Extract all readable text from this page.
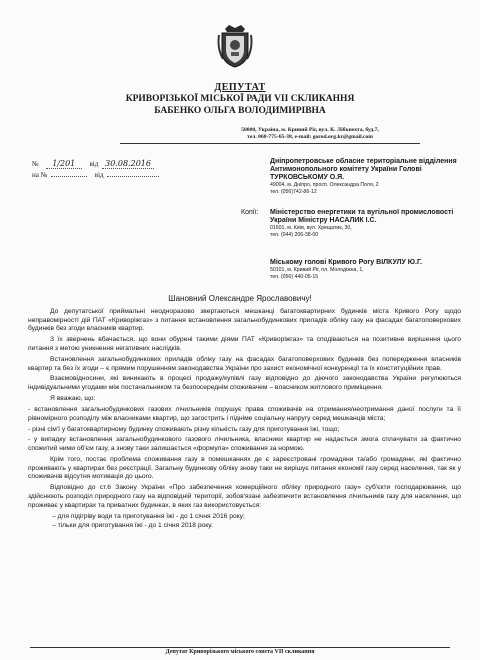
ДЕПУТАТ
КРИВОРІЗЬКОЇ МІСЬКОЇ РАДИ VII СКЛИКАННЯ
БАБЕНКО ОЛЬГА ВОЛОДИМИРІВНА
50000, Україна, м. Кривий Ріг, вул. К. Лібкнехта, буд.7,
тел. 068-775-65-38, e-mail: gorod.org.kr@gmail.com
№ 1/201 від 30.08.2016
на №	від
Дніпропетровське обласне територіальне відділення Антимонопольного комітету України Голові ТУРКОВСЬКОМУ О.Я.
49004, м. Дніпро, просп. Олександра Поля, 2
тел. (056)742-86-12
Копії: Міністерство енергетики та вугільної промисловості України Міністру НАСАЛИК І.С.
01601, м. Київ, вул. Хрещатик, 30,
тел. (044) 206-38-00
Міському голові Кривого Рогу ВІЛКУЛУ Ю.Г.
50101, м. Кривий Ріг, пл. Молодіжна, 1,
тел. (056) 440-05-15
Шановний Олександре Ярославовичу!

До депутатської приймальні неодноразово звертаються мешканці багатоквартирних будинків міста Кривого Рогу щодо неправомірності дій ПАТ «Криворіжгаз» з питання встановлення загальнобудинкових приладів обліку газу на фасадах багатоповерхових будинків без згоди власників квартир.

З їх звернень вбачається, що вони обурені такими діями ПАТ «Криворіжгаз» та сподіваються на позитивне вирішення цього питання з метою уникнення негативних наслідків.

Встановлення загальнобудинкових приладів обліку газу на фасадах багатоповерхових будинків без попередження власників квартир та без їх згоди – є прямим порушенням законодавства України про захист економічної конкуренції та їх конституційних прав.

Взаємовідносини, які виникають в процесі продажу/купівлі газу відповідно до діючого законодавства України регулюються індивідуальними угодами між постачальником та безпосереднім споживачем – власником житлового приміщення.

Я вважаю, що:

- встановлення загальнобудинкових газових лічильників порушує права споживачів на отримання/неотримання даної послуги та її рівномірного розподілу між власниками квартир, що загострить і підніме соціальну напругу серед мешканців міста;

- різні сім'ї у багатоквартирному будинку споживають різну кількість газу для приготування їжі, тощо;

- у випадку встановлення загальнобудинкового газового лічильника, власники квартир не надається змога сплачувати за фактично спожитий ними об'єм газу, а знову таки залишається «формула» споживання за нормою.

Крім того, постає проблема споживання газу в помешканнях де є зареєстровані громадяни та/або громадяни, які фактично проживають у квартирах без реєстрації. Загальну будинкову обліку знову таки не вирішує питання економії газу серед населення, так як у споживачів відсутня мотивація до цього.

Відповідно до ст.6 Закону України «Про забезпечення комерційного обліку природного газу» суб'єкти господарювання, що здійснюють розподіл природного газу на відповідній території, зобов'язані забезпечити встановлення лічильників газу для населення, що проживає у квартирах та приватних будинках, в яких газ використовується:

– для підігріву води та приготування їжі - до 1 січня 2016 року;

– тільки для приготування їжі - до 1 січня 2018 року.

Депутат Криворізького міського совета VII скликання
